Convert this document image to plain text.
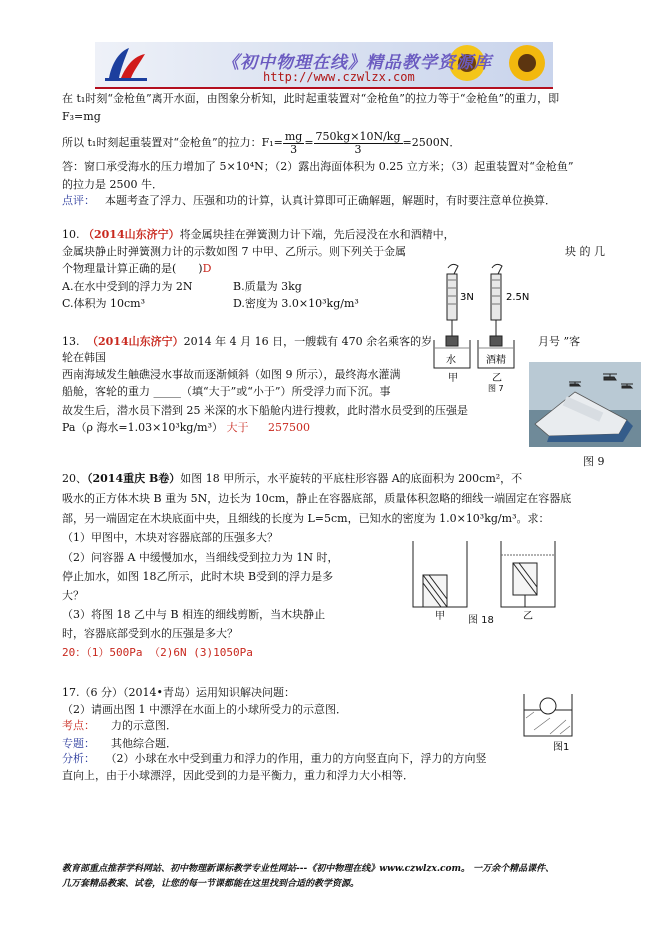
《初中物理在线》精品教学资源库
http://www.czwlzx.com
在 t₁时刻“金枪鱼”离开水面，由图象分析知，此时起重装置对“金枪鱼”的拉力等于“金枪鱼”的重力，即
F₃=mg
所以 t₁时刻起重装置对“金枪鱼”的拉力：$F_1= \frac{mg}{3} = \frac{750kg\times 10N/kg}{3} =2500N$．
答：窗口承受海水的压力增加了 5×10⁴N；（2）露出海面体积为 0.25 立方米；（3）起重装置对“金枪鱼”
的拉力是 2500 牛．
点评： 本题考查了浮力、压强和功的计算，认真计算即可正确解题，解题时，有时要注意单位换算．
10. （2014山东济宁）将金属块挂在弹簧测力计下端，先后浸没在水和酒精中，
金属块静止时弹簧测力计的示数如图 7 中甲、乙所示。则下列关于金属	块 的 几
个物理量计算正确的是( )D
A.在水中受到的浮力为 2N	B.质量为 3kg
C.体积为 10cm³	D.密度为 3.0×10³kg/m³	3N	2.5N
水	酒精
甲	乙
图 7
13. （2014山东济宁）2014 年 4 月 16 日，一艘载有 470 余名乘客的岁	月号 ”客
轮在韩国
西南海域发生触礁浸水事故而逐渐倾斜（如图 9 所示），最终海水灌满
船舱，客轮的重力 _____（填“大于”或“小于”）所受浮力而下沉。事
故发生后，潜水员下潜到 25 米深的水下船舱内进行搜救，此时潜水员受到的压强是
Pa（ρ 海水=1.03×10³kg/m³） 大于 257500
图 9
20、（2014重庆 B卷）如图 18 甲所示，水平旋转的平底柱形容器 A的底面积为 200cm²，不
吸水的正方体木块 B 重为 5N，边长为 10cm，静止在容器底部，质量体积忽略的细线一端固定在容器底
部，另一端固定在木块底面中央，且细线的长度为 L=5cm，已知水的密度为 1.0×10³kg/m³。求：
（1）甲图中，木块对容器底部的压强多大？
（2）问容器 A 中缓慢加水，当细线受到拉力为 1N 时，
停止加水，如图 18乙所示，此时木块 B受到的浮力是多
大？
（3）将图 18 乙中与 B 相连的细线剪断，当木块静止
时，容器底部受到水的压强是多大？
20：（1）500Pa （2)6N (3)1050Pa
甲	乙
图 18
17.（6 分）（2014•青岛）运用知识解决问题：
（2）请画出图 1 中漂浮在水面上的小球所受力的示意图．
考点： 力的示意图．
专题： 其他综合题．
分析： （2）小球在水中受到重力和浮力的作用，重力的方向竖直向下，浮力的方向竖
直向上，由于小球漂浮，因此受到的力是平衡力，重力和浮力大小相等．
图1
教育部重点推荐学科网站、初中物理新课标教学专业性网站---《初中物理在线》www.czwlzx.com。 一万余个精品课件、
几万套精品教案、试卷，让您的每一节课都能在这里找到合适的教学资源。
